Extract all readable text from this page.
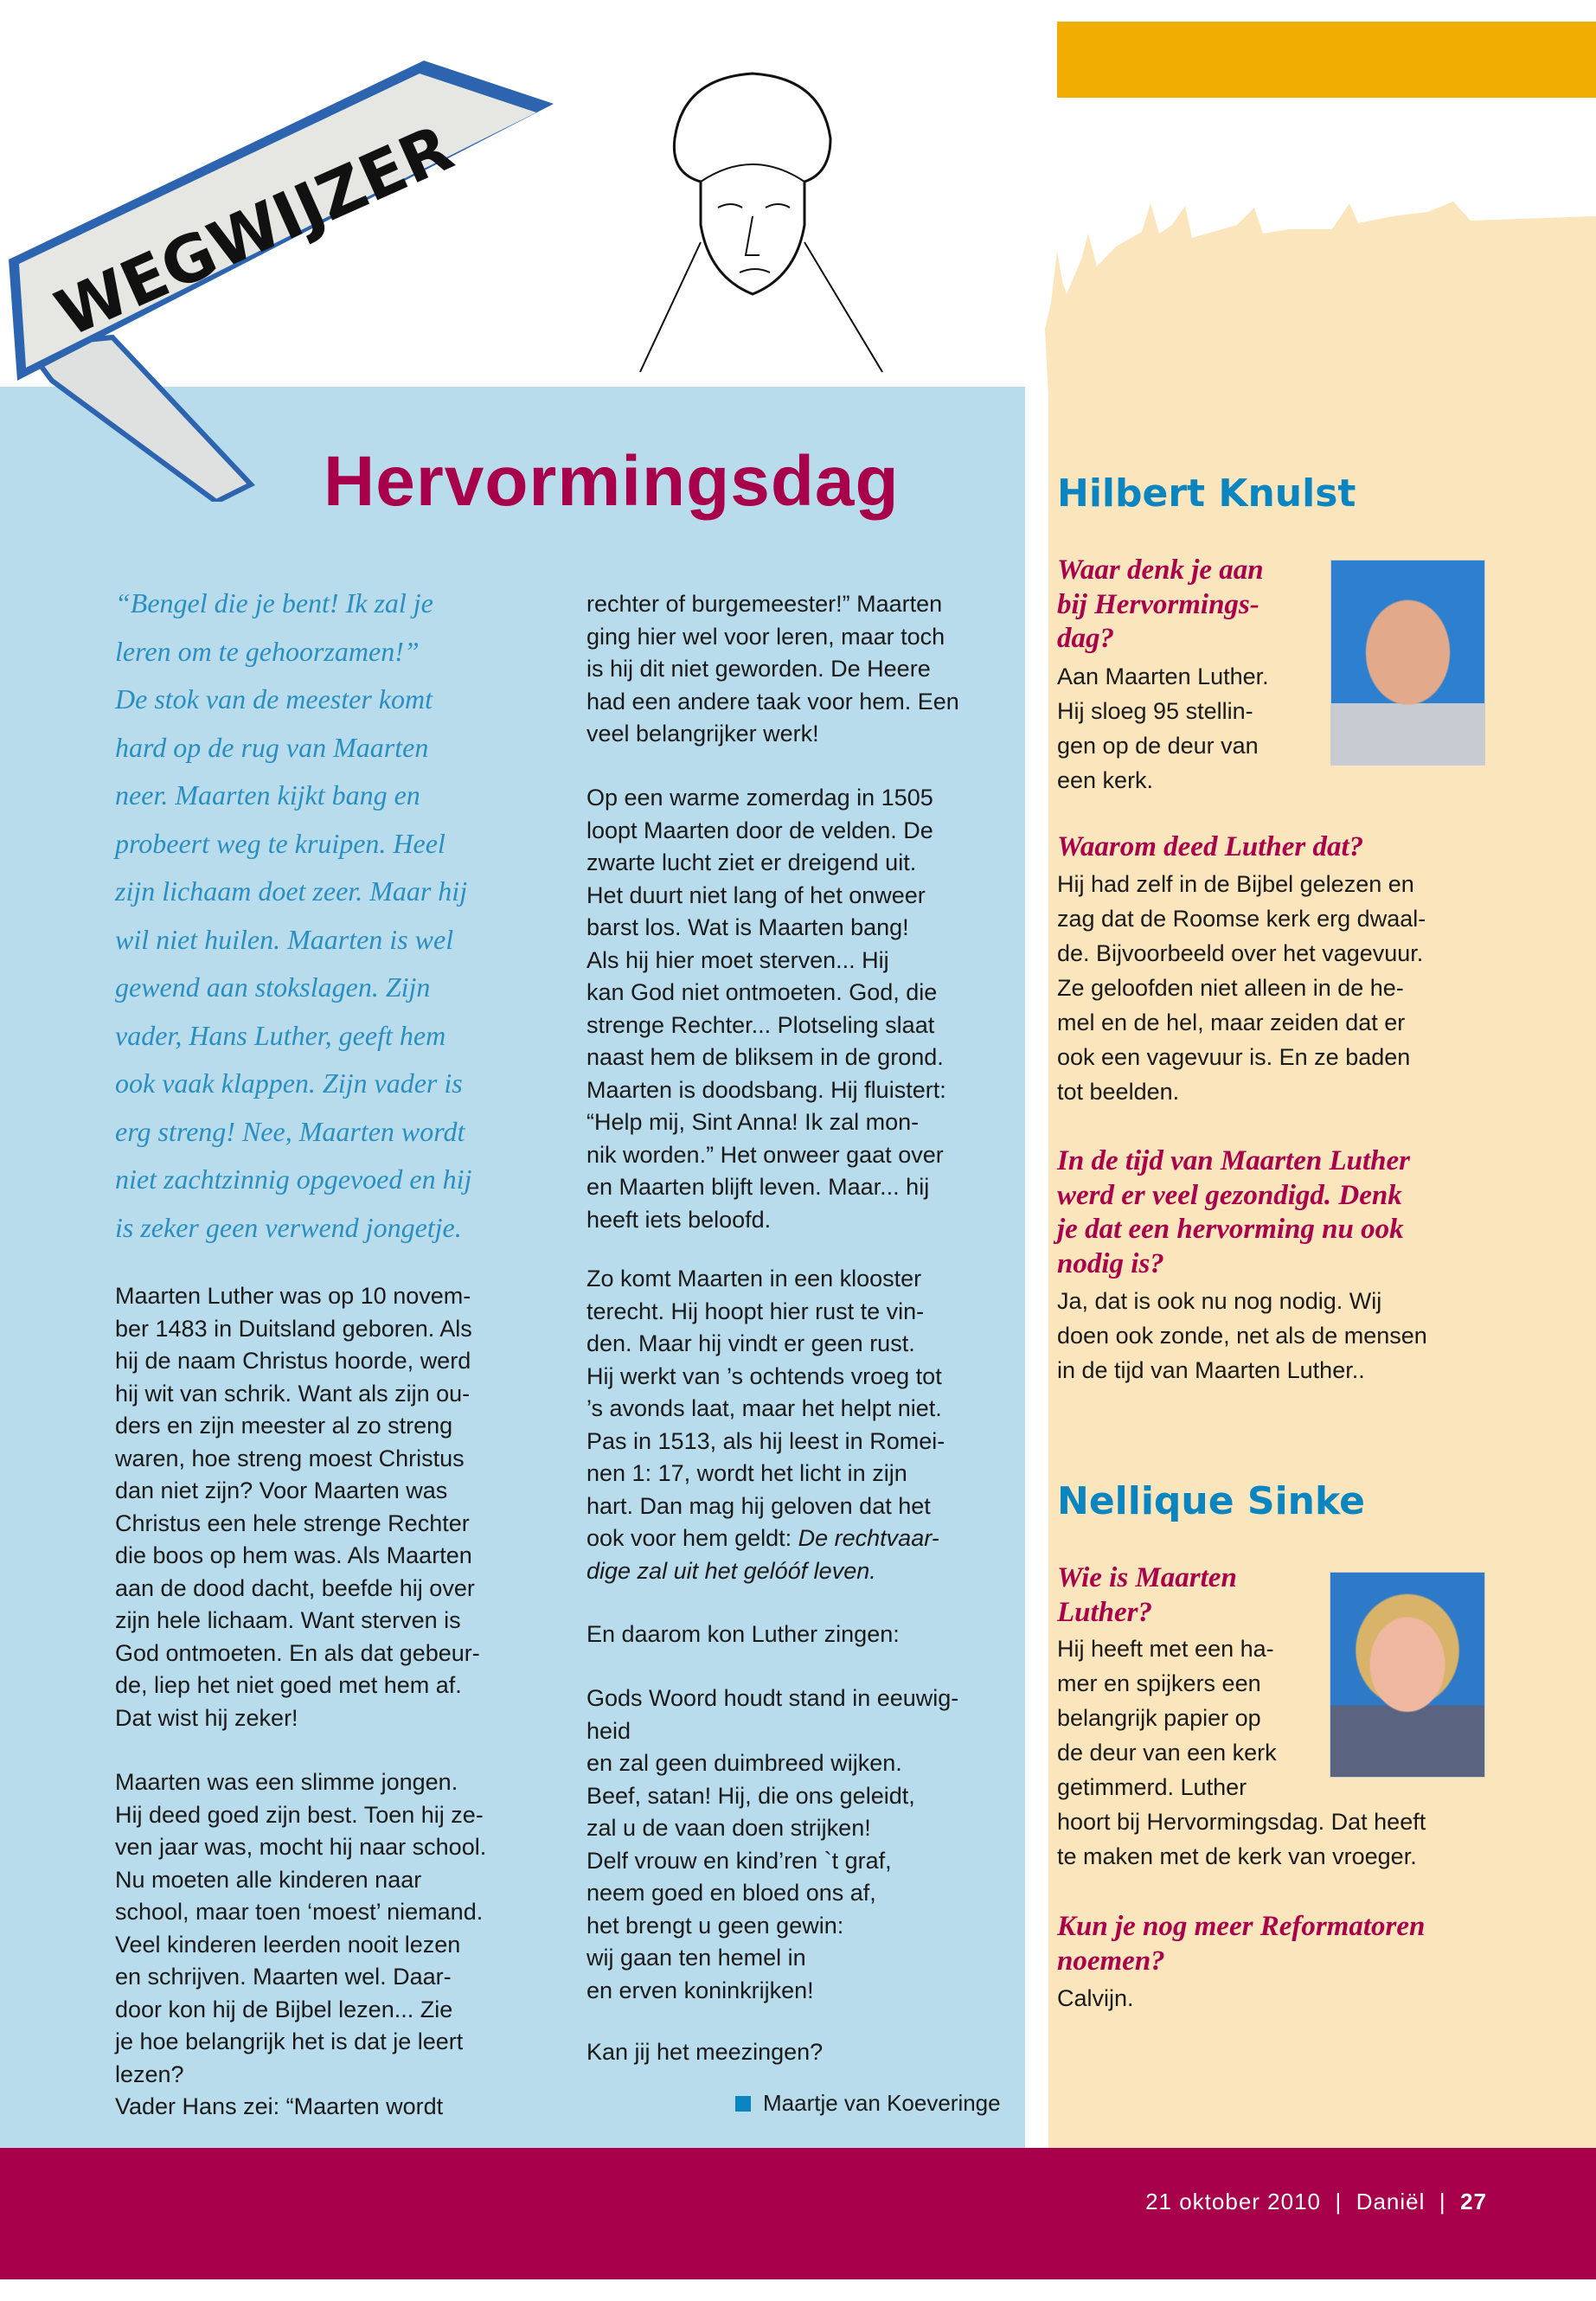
WEGWIJZER
Hervormingsdag
“Bengel die je bent! Ik zal je
leren om te gehoorzamen!”
De stok van de meester komt
hard op de rug van Maarten
neer. Maarten kijkt bang en
probeert weg te kruipen. Heel
zijn lichaam doet zeer. Maar hij
wil niet huilen. Maarten is wel
gewend aan stokslagen. Zijn
vader, Hans Luther, geeft hem
ook vaak klappen. Zijn vader is
erg streng! Nee, Maarten wordt
niet zachtzinnig opgevoed en hij
is zeker geen verwend jongetje.

Maarten Luther was op 10 novem-
ber 1483 in Duitsland geboren. Als
hij de naam Christus hoorde, werd
hij wit van schrik. Want als zijn ou-
ders en zijn meester al zo streng
waren, hoe streng moest Christus
dan niet zijn? Voor Maarten was
Christus een hele strenge Rechter
die boos op hem was. Als Maarten
aan de dood dacht, beefde hij over
zijn hele lichaam. Want sterven is
God ontmoeten. En als dat gebeur-
de, liep het niet goed met hem af.
Dat wist hij zeker!

Maarten was een slimme jongen.
Hij deed goed zijn best. Toen hij ze-
ven jaar was, mocht hij naar school.
Nu moeten alle kinderen naar
school, maar toen ‘moest’ niemand.
Veel kinderen leerden nooit lezen
en schrijven. Maarten wel. Daar-
door kon hij de Bijbel lezen... Zie
je hoe belangrijk het is dat je leert
lezen?
Vader Hans zei: “Maarten wordt

rechter of burgemeester!” Maarten
ging hier wel voor leren, maar toch
is hij dit niet geworden. De Heere
had een andere taak voor hem. Een
veel belangrijker werk!

Op een warme zomerdag in 1505
loopt Maarten door de velden. De
zwarte lucht ziet er dreigend uit.
Het duurt niet lang of het onweer
barst los. Wat is Maarten bang!
Als hij hier moet sterven... Hij
kan God niet ontmoeten. God, die
strenge Rechter... Plotseling slaat
naast hem de bliksem in de grond.
Maarten is doodsbang. Hij fluistert:
“Help mij, Sint Anna! Ik zal mon-
nik worden.” Het onweer gaat over
en Maarten blijft leven. Maar... hij
heeft iets beloofd.

Zo komt Maarten in een klooster
terecht. Hij hoopt hier rust te vin-
den. Maar hij vindt er geen rust.
Hij werkt van ’s ochtends vroeg tot
’s avonds laat, maar het helpt niet.
Pas in 1513, als hij leest in Romei-
nen 1: 17, wordt het licht in zijn
hart. Dan mag hij geloven dat het
ook voor hem geldt: De rechtvaar-
dige zal uit het gelóóf leven.

En daarom kon Luther zingen:

Gods Woord houdt stand in eeuwig-
heid
en zal geen duimbreed wijken.
Beef, satan! Hij, die ons geleidt,
zal u de vaan doen strijken!
Delf vrouw en kind’ren `t graf,
neem goed en bloed ons af,
het brengt u geen gewin:
wij gaan ten hemel in
en erven koninkrijken!

Kan jij het meezingen?

Maartje van Koeveringe
Hilbert Knulst
Waar denk je aan
bij Hervormings-
dag?
Aan Maarten Luther.
Hij sloeg 95 stellin-
gen op de deur van
een kerk.
Waarom deed Luther dat?
Hij had zelf in de Bijbel gelezen en
zag dat de Roomse kerk erg dwaal-
de. Bijvoorbeeld over het vagevuur.
Ze geloofden niet alleen in de he-
mel en de hel, maar zeiden dat er
ook een vagevuur is. En ze baden
tot beelden.
In de tijd van Maarten Luther
werd er veel gezondigd. Denk
je dat een hervorming nu ook
nodig is?
Ja, dat is ook nu nog nodig. Wij
doen ook zonde, net als de mensen
in de tijd van Maarten Luther..
Nellique Sinke
Wie is Maarten
Luther?
Hij heeft met een ha-
mer en spijkers een
belangrijk papier op
de deur van een kerk
getimmerd. Luther
hoort bij Hervormingsdag. Dat heeft
te maken met de kerk van vroeger.
Kun je nog meer Reformatoren
noemen?
Calvijn.
21 oktober 2010 | Daniël | 27
